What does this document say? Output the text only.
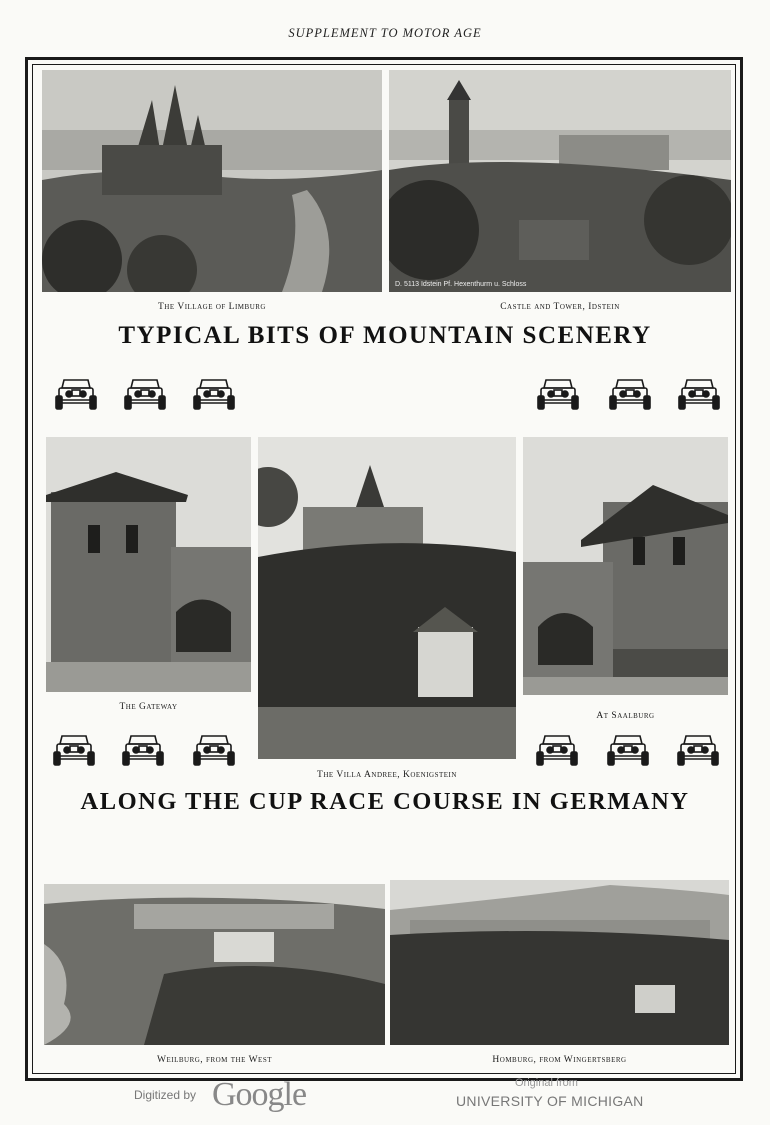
SUPPLEMENT TO MOTOR AGE
D. 5113 Idstein Pf. Hexenthurm u. Schloss
The Village of Limburg	Castle and Tower, Idstein
TYPICAL BITS OF MOUNTAIN SCENERY
The Gateway
At Saalburg
The Villa Andree, Koenigstein
ALONG THE CUP RACE COURSE IN GERMANY
Weilburg, from the West	Homburg, from Wingertsberg
Digitized by Google	Original from
UNIVERSITY OF MICHIGAN
